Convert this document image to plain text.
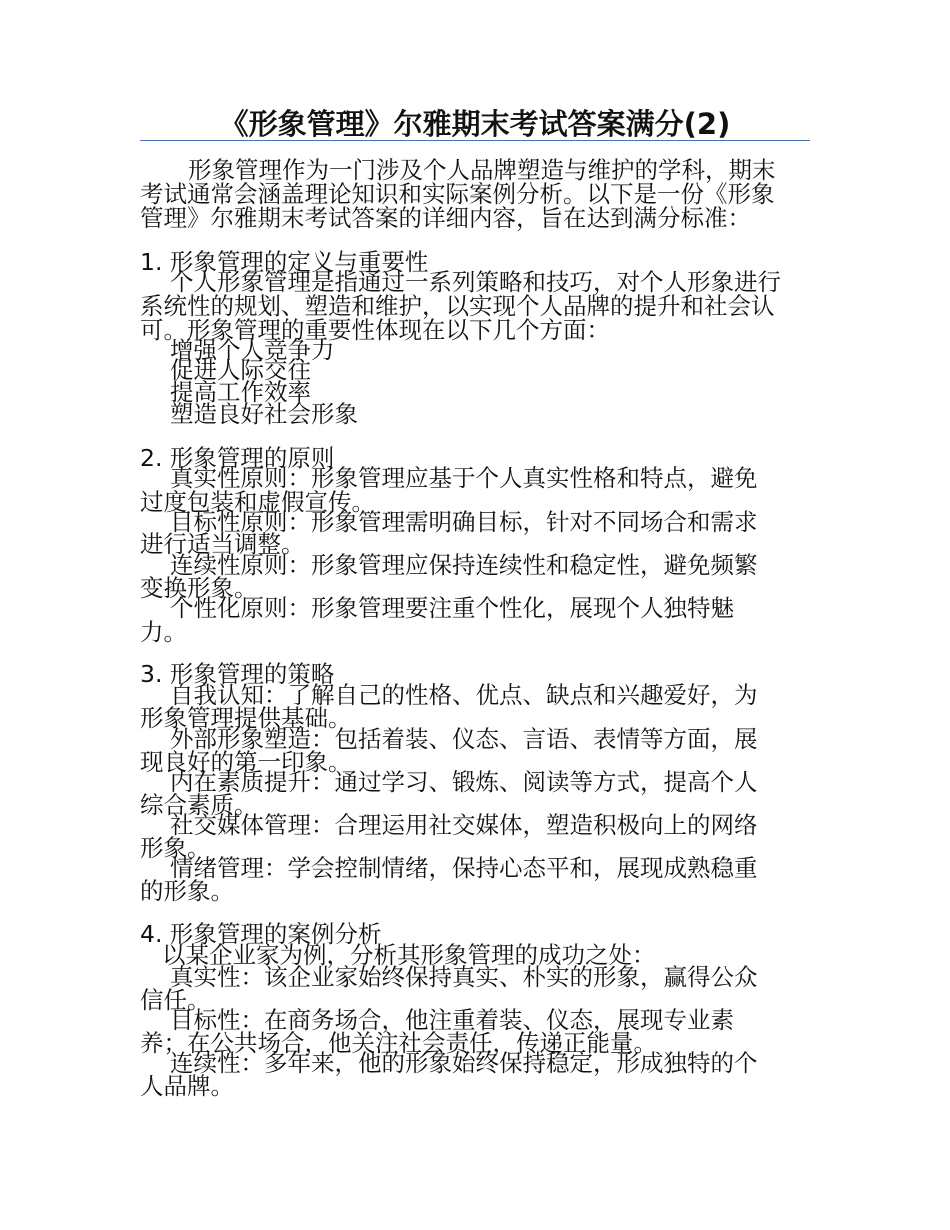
《形象管理》尔雅期末考试答案满分(2)

形象管理作为一门涉及个人品牌塑造与维护的学科，期末

考试通常会涵盖理论知识和实际案例分析。以下是一份《形象

管理》尔雅期末考试答案的详细内容，旨在达到满分标准：

1. 形象管理的定义与重要性

个人形象管理是指通过一系列策略和技巧，对个人形象进行

系统性的规划、塑造和维护，以实现个人品牌的提升和社会认

可。形象管理的重要性体现在以下几个方面：

增强个人竞争力

促进人际交往

提高工作效率

塑造良好社会形象

2. 形象管理的原则

真实性原则：形象管理应基于个人真实性格和特点，避免

过度包装和虚假宣传。

目标性原则：形象管理需明确目标，针对不同场合和需求

进行适当调整。

连续性原则：形象管理应保持连续性和稳定性，避免频繁

变换形象。

个性化原则：形象管理要注重个性化，展现个人独特魅

力。

3. 形象管理的策略

自我认知：了解自己的性格、优点、缺点和兴趣爱好，为

形象管理提供基础。

外部形象塑造：包括着装、仪态、言语、表情等方面，展

现良好的第一印象。

内在素质提升：通过学习、锻炼、阅读等方式，提高个人

综合素质。

社交媒体管理：合理运用社交媒体，塑造积极向上的网络

形象。

情绪管理：学会控制情绪，保持心态平和，展现成熟稳重

的形象。

4. 形象管理的案例分析

以某企业家为例，分析其形象管理的成功之处：

真实性：该企业家始终保持真实、朴实的形象，赢得公众

信任。

目标性：在商务场合，他注重着装、仪态，展现专业素

养；在公共场合，他关注社会责任，传递正能量。

连续性：多年来，他的形象始终保持稳定，形成独特的个

人品牌。
